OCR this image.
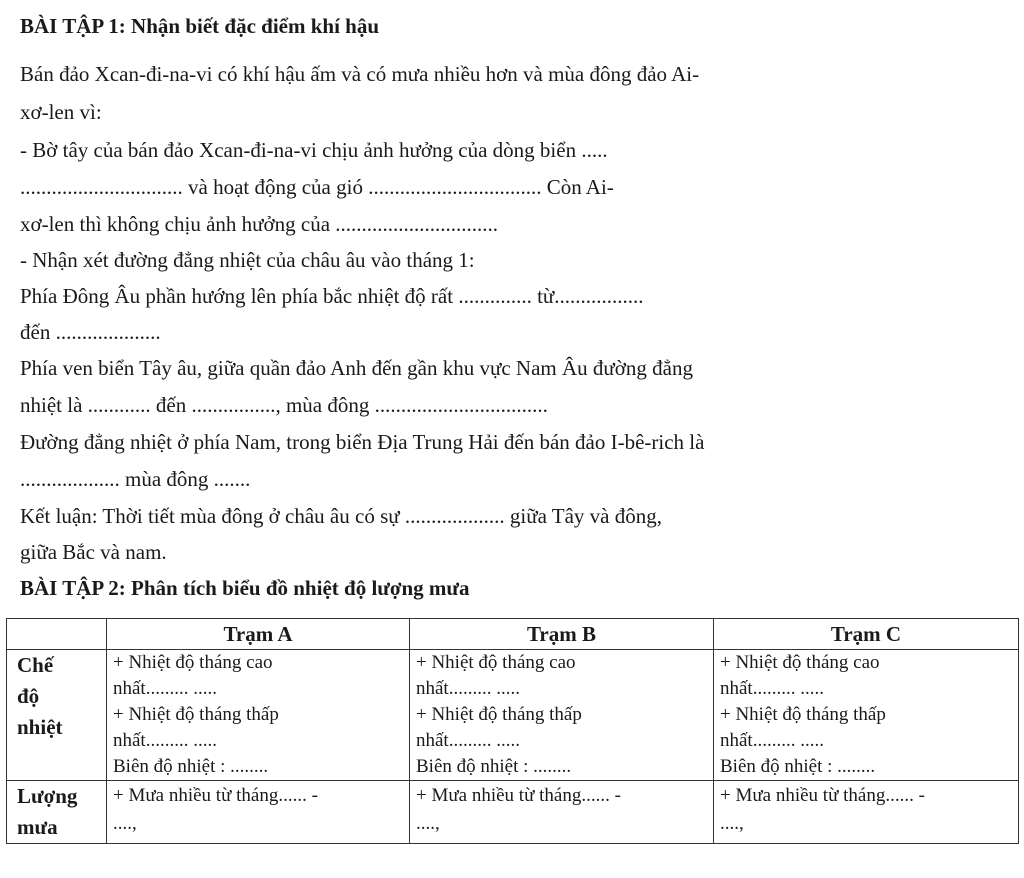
BÀI TẬP 1: Nhận biết đặc điểm khí hậu
Bán đảo Xcan-đi-na-vi có khí hậu ấm và có mưa nhiều hơn và mùa đông đảo Ai-
xơ-len vì:
- Bờ tây của bán đảo Xcan-đi-na-vi chịu ảnh hưởng của dòng biển .....
............................... và hoạt động của gió ................................. Còn Ai-
xơ-len thì không chịu ảnh hưởng của ...............................
- Nhận xét đường đẳng nhiệt của châu âu vào tháng 1:
Phía Đông Âu phần hướng lên phía bắc nhiệt độ rất .............. từ.................
đến ....................
Phía ven biển Tây âu, giữa quần đảo Anh đến gần khu vực Nam Âu đường đẳng
nhiệt là ............ đến ................, mùa đông .................................
Đường đẳng nhiệt ở phía Nam, trong biển Địa Trung Hải đến bán đảo I-bê-rich là
................... mùa đông .......
Kết luận: Thời tiết mùa đông ở châu âu có sự ................... giữa Tây và đông,
giữa Bắc và nam.
BÀI TẬP 2: Phân tích biểu đồ nhiệt độ lượng mưa
	Trạm A	Trạm B	Trạm C

Chế
độ
nhiệt	+ Nhiệt độ tháng cao
nhất......... .....
+ Nhiệt độ tháng thấp
nhất......... .....
Biên độ nhiệt : ........	+ Nhiệt độ tháng cao
nhất......... .....
+ Nhiệt độ tháng thấp
nhất......... .....
Biên độ nhiệt : ........	+ Nhiệt độ tháng cao
nhất......... .....
+ Nhiệt độ tháng thấp
nhất......... .....
Biên độ nhiệt : ........

Lượng
mưa	+ Mưa nhiều từ tháng...... -
....,	+ Mưa nhiều từ tháng...... -
....,	+ Mưa nhiều từ tháng...... -
....,
